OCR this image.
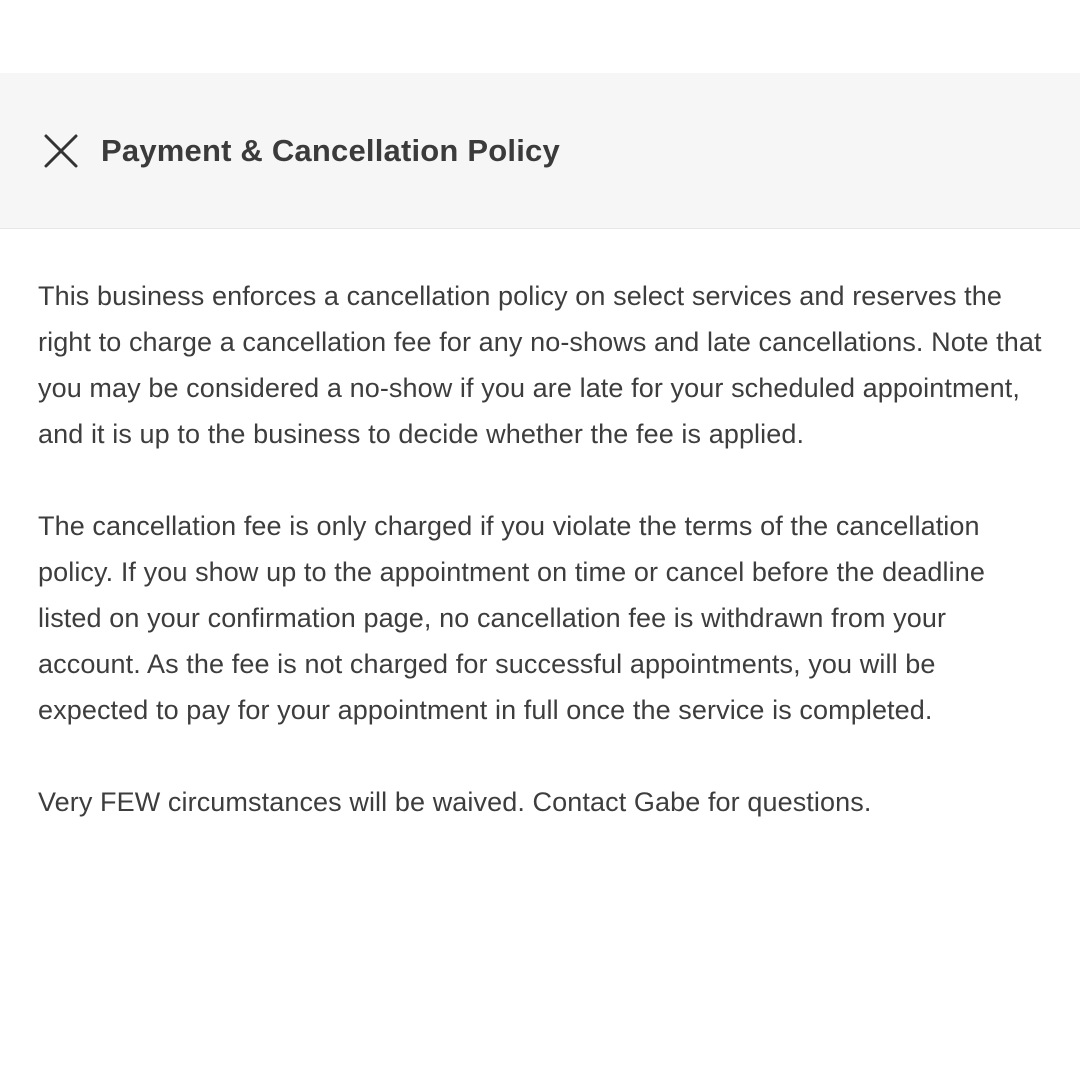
Payment & Cancellation Policy

This business enforces a cancellation policy on select services and reserves the right to charge a cancellation fee for any no-shows and late cancellations. Note that you may be considered a no-show if you are late for your scheduled appointment, and it is up to the business to decide whether the fee is applied.

The cancellation fee is only charged if you violate the terms of the cancellation policy. If you show up to the appointment on time or cancel before the deadline listed on your confirmation page, no cancellation fee is withdrawn from your account. As the fee is not charged for successful appointments, you will be expected to pay for your appointment in full once the service is completed.

Very FEW circumstances will be waived. Contact Gabe for questions.
